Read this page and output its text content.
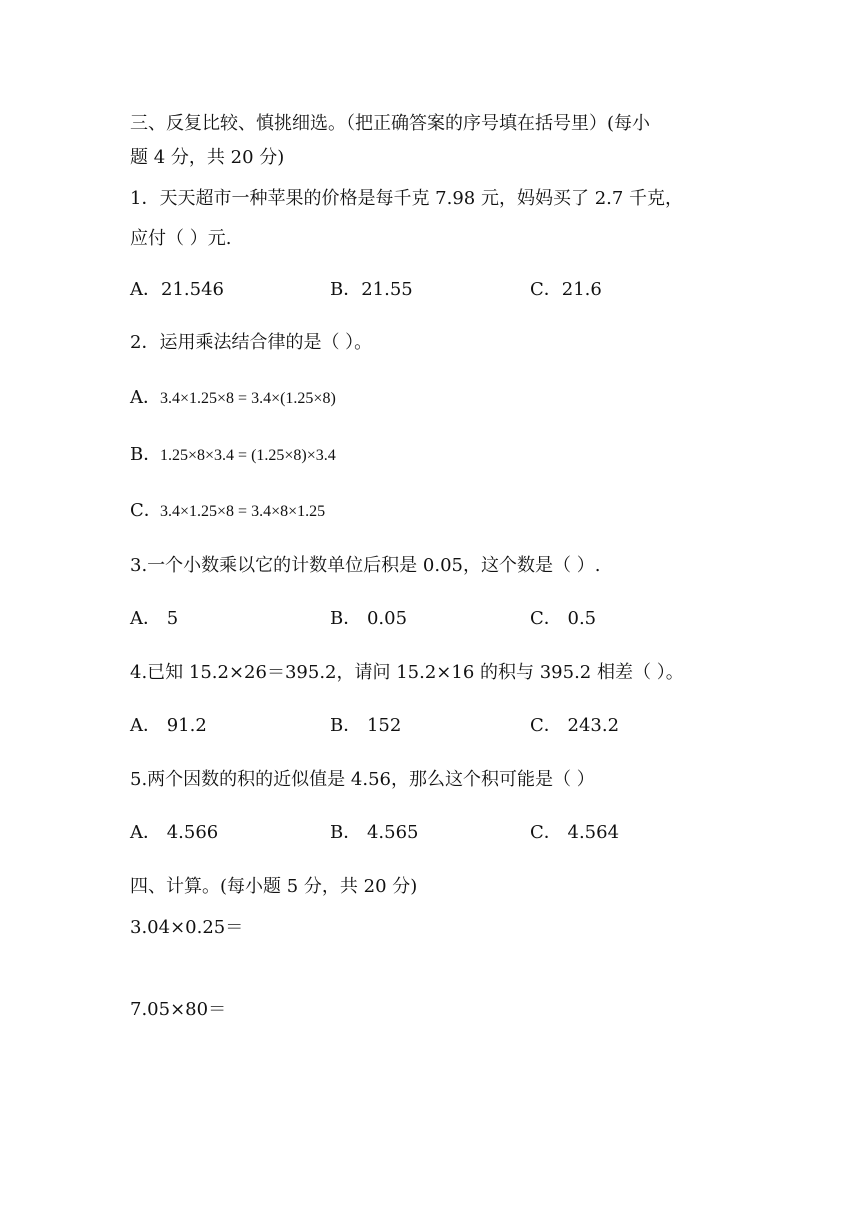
三、反复比较、慎挑细选。（把正确答案的序号填在括号里）(每小
题 4 分，共 20 分)
1．天天超市一种苹果的价格是每千克 7.98 元，妈妈买了 2.7 千克，
应付（ ）元.
A．21.546	B．21.55	C．21.6
2．运用乘法结合律的是（ ）。
A．3.4×1.25×8 = 3.4×(1.25×8)
B．1.25×8×3.4 = (1.25×8)×3.4
C．3.4×1.25×8 = 3.4×8×1.25
3.一个小数乘以它的计数单位后积是 0.05，这个数是（ ）.
A． 5	B． 0.05	C． 0.5
4.已知 15.2×26＝395.2，请问 15.2×16 的积与 395.2 相差（ ）。
A． 91.2	B． 152	C． 243.2
5.两个因数的积的近似值是 4.56，那么这个积可能是（ ）
A． 4.566	B． 4.565	C． 4.564
四、计算。(每小题 5 分，共 20 分)
3.04×0.25＝
7.05×80＝
